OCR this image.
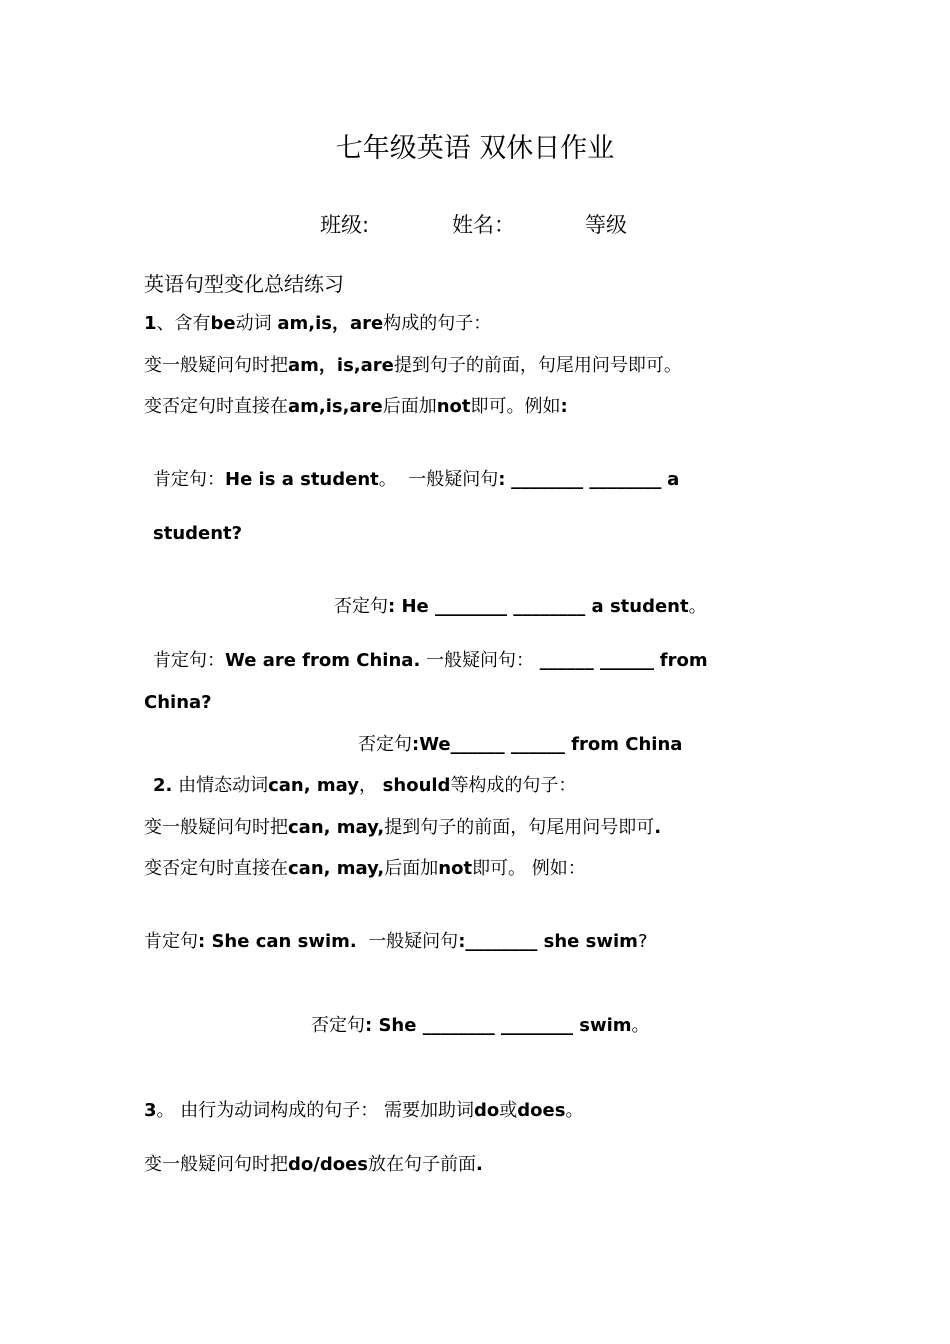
七年级英语 双休日作业
班级:	姓名：	等级
英语句型变化总结练习
1、含有be动词 am,is，are构成的句子：
变一般疑问句时把am，is,are提到句子的前面，句尾用问号即可。
变否定句时直接在am,is,are后面加not即可。例如:
肯定句：He is a student。 一般疑问句: ________ ________ a
student?
否定句: He ________ ________ a student。
肯定句：We are from China. 一般疑问句： ______ ______ from
China?
否定句:We______ ______ from China
2. 由情态动词can, may， should等构成的句子：
变一般疑问句时把can, may,提到句子的前面，句尾用问号即可.
变否定句时直接在can, may,后面加not即可。 例如：
肯定句: She can swim. 一般疑问句:________ she swim?
否定句: She ________ ________ swim。
3。 由行为动词构成的句子： 需要加助词do或does。
变一般疑问句时把do/does放在句子前面.
